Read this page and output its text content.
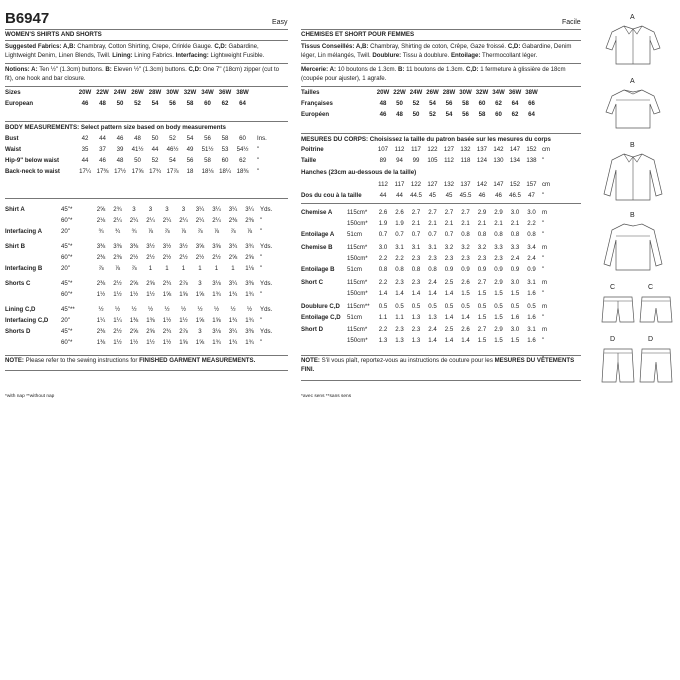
B6947	Easy	Facile
WOMEN'S SHIRTS AND SHORTS
Suggested Fabrics: A,B: Chambray, Cotton Shirting, Crepe, Crinkle Gauge. C,D: Gabardine, Lightweight Denim, Linen Blends, Twill. Lining: Lining Fabrics. Interfacing: Lightweight Fusible.
Notions: A: Ten ½" (1.3cm) buttons. B: Eleven ½" (1.3cm) buttons. C,D: One 7" (18cm) zipper (cut to fit), one hook and bar closure.
Sizes	20W 22W 24W 26W 28W 30W 32W 34W 36W 38W
European	46	48	50	52	54	56	58	60	62	64
BODY MEASUREMENTS: Select pattern size based on body measurements
Bust	42	44	46	48	50	52	54	56	58	60	Ins.
Waist	35	37	39	41½	44	46½	49	51½	53	54½	"
Hip-9" below waist	44	46	48	50	52	54	56	58	60	62	"
Back-neck to waist	17¼ 17⅜ 17½ 17⅝ 17¾ 17⅞	18	18⅛ 18¼ 18⅜	"
Shirt A	45"*	2⅝	2¾	3	3	3	3	3¼	3¼	3¼	3¼	Yds.
60"*	2⅛	2¼	2¼	2¼	2¼	2¼	2¼	2¼	2⅜	2⅜	"
Interfacing A	20"	¾	¾	¾	⅞	⅞	⅞	⅞	⅞	⅞	⅞	"
Shirt B	45"*	3⅜	3⅜	3⅜	3½	3½	3½	3⅝	3⅝	3¾	3¾	Yds.
60"*	2⅜	2⅜	2½	2½	2½	2½	2½	2½	2⅝	2⅝	"
Interfacing B	20"	⅞	⅞	⅞	1	1	1	1	1	1	1⅛	"
Shorts C	45"*	2⅜	2½	2⅝	2⅝	2¾	2⅞	3	3⅛	3¼	3⅜	Yds.
60"*	1½	1½	1½	1½	1⅝	1⅝	1⅝	1¾	1¾	1¾	"
Lining C,D	45"**	½	½	½	½	½	½	½	½	½	½	Yds.
Interfacing C,D 20"	1¼	1¼	1⅜	1⅜	1½	1½	1⅝	1⅝	1¾	1¾	"
Shorts D	45"*	2⅜	2½	2⅝	2⅝	2¾	2⅞	3	3⅛	3¼	3⅜	Yds.
60"*	1⅜	1½	1½	1½	1½	1⅝	1⅝	1¾	1¾	1¾	"
NOTE: Please refer to the sewing instructions for FINISHED GARMENT MEASUREMENTS.
*with nap **without nap
CHEMISES ET SHORT POUR FEMMES
Tissus Conseillés: A,B: Chambray, Shirting de coton, Crêpe, Gaze froissé. C,D: Gabardine, Denim léger, Lin mélangés, Twill. Doublure: Tissu à doublure. Entoilage: Thermocollant léger.
Mercerie: A: 10 boutons de 1.3cm. B: 11 boutons de 1.3cm. C,D: 1 fermeture à glissière de 18cm (coupée pour ajuster), 1 agrafe.
Tailles	20W 22W 24W 26W 28W 30W 32W 34W 36W 38W
Françaises	48	50	52	54	56	58	60	62	64	66
Européen	46	48	50	52	54	56	58	60	62	64
MESURES DU CORPS: Choisissez la taille du patron basée sur les mesures du corps
Poitrine	107	112	117	122	127	132	137	142	147	152 cm
Taille	89	94	99	105	112	118	124	130	134	138 "
Hanches (23cm au-dessous de la taille)
112	117	122	127	132	137	142	147	152	157 cm
Dos du cou à la taille	44	44	44.5	45	45	45.5	46	46	46.5	47	"
Chemise A 115cm*	2.6	2.6	2.7	2.7	2.7	2.7	2.9	2.9	3.0	3.0	m
150cm*	1.9	1.9	2.1	2.1	2.1	2.1	2.1	2.1	2.1	2.2	"
Entoilage A 51cm	0.7	0.7	0.7	0.7	0.7	0.8	0.8	0.8	0.8	0.8	"
Chemise B 115cm*	3.0	3.1	3.1	3.1	3.2	3.2	3.2	3.3	3.3	3.4	m
150cm*	2.2	2.2	2.3	2.3	2.3	2.3	2.3	2.3	2.4	2.4	"
Entoilage B 51cm	0.8	0.8	0.8	0.8	0.9	0.9	0.9	0.9	0.9	0.9	"
Short C	115cm*	2.2	2.3	2.3	2.4	2.5	2.6	2.7	2.9	3.0	3.1	m
150cm*	1.4	1.4	1.4	1.4	1.4	1.5	1.5	1.5	1.5	1.6	"
Doublure C,D 115cm**	0.5	0.5	0.5	0.5	0.5	0.5	0.5	0.5	0.5	0.5	m
Entoilage C,D 51cm	1.1	1.1	1.3	1.3	1.4	1.4	1.5	1.5	1.6	1.6	"
Short D	115cm*	2.2	2.3	2.3	2.4	2.5	2.6	2.7	2.9	3.0	3.1	m
150cm*	1.3	1.3	1.3	1.4	1.4	1.4	1.5	1.5	1.5	1.6	"
NOTE: S'il vous plaît, reportez-vous au instructions de couture pour les MESURES DU VÊTEMENTS FINI.
*avec sens **sans sens
A
A
B
B
C	C
D	D
